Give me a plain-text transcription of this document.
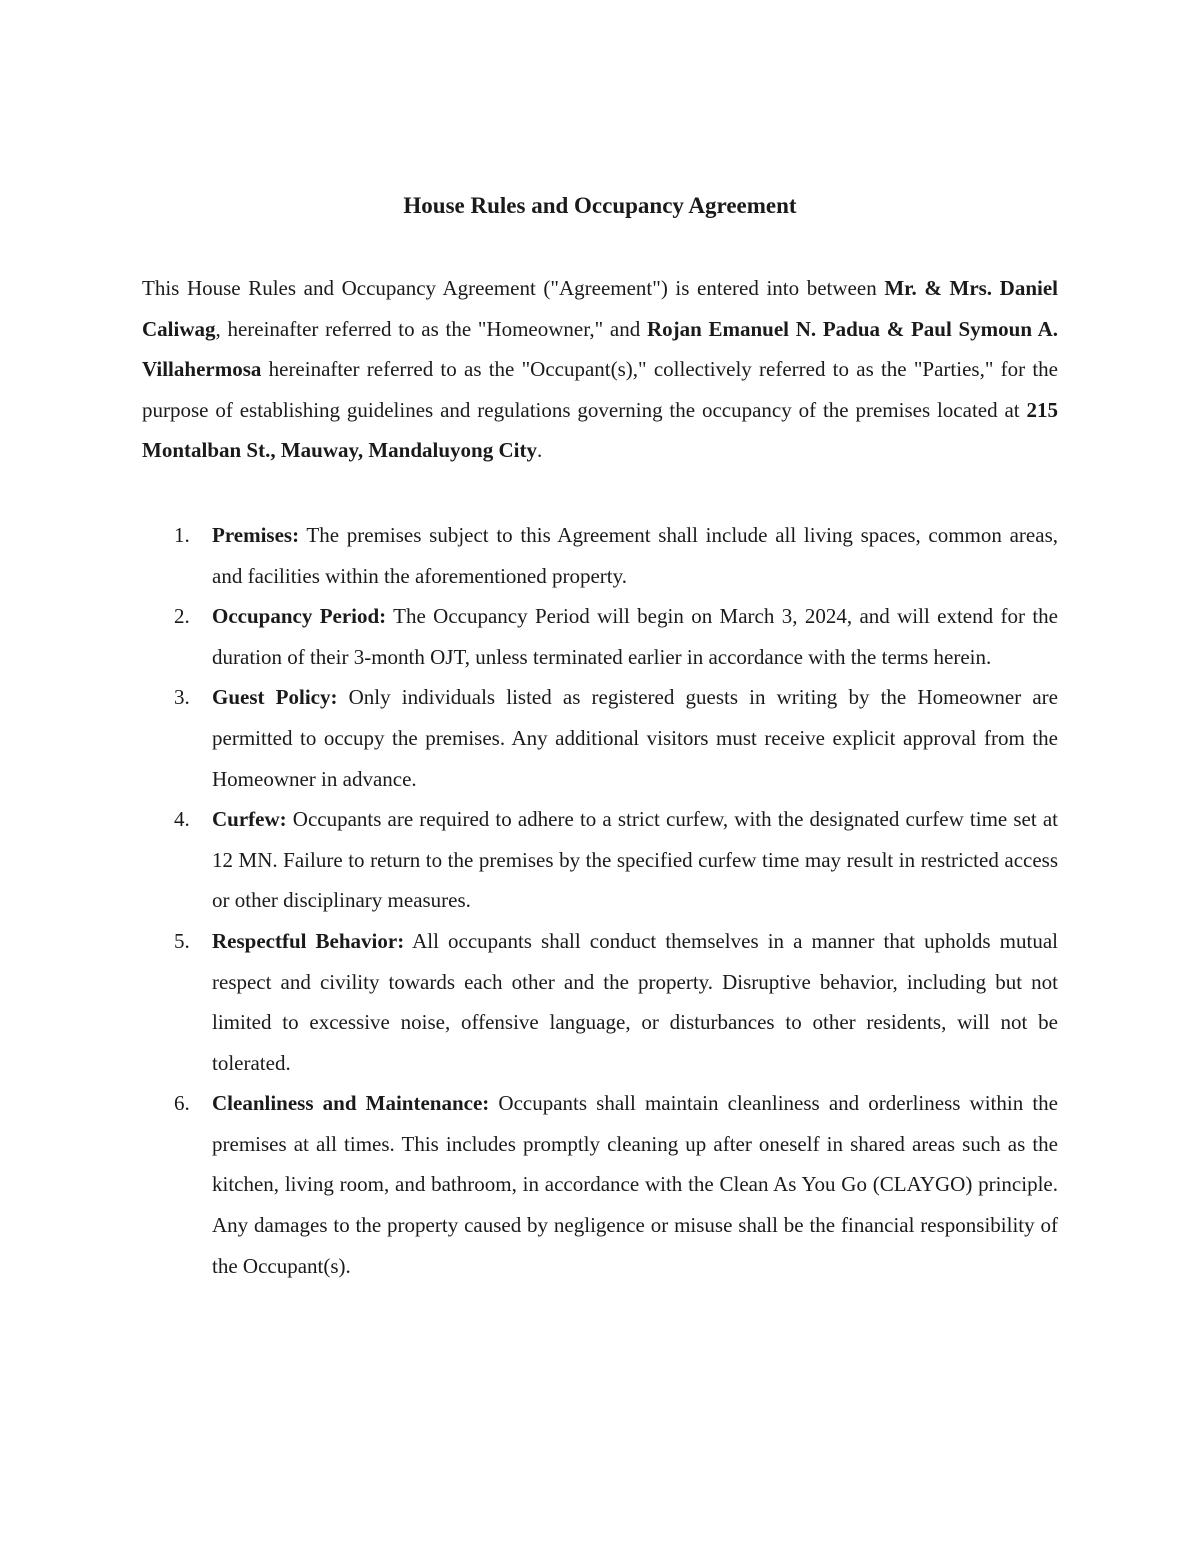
House Rules and Occupancy Agreement

This House Rules and Occupancy Agreement ("Agreement") is entered into between Mr. & Mrs. Daniel Caliwag, hereinafter referred to as the "Homeowner," and Rojan Emanuel N. Padua & Paul Symoun A. Villahermosa hereinafter referred to as the "Occupant(s)," collectively referred to as the "Parties," for the purpose of establishing guidelines and regulations governing the occupancy of the premises located at 215 Montalban St., Mauway, Mandaluyong City.

1. Premises: The premises subject to this Agreement shall include all living spaces, common areas, and facilities within the aforementioned property.
2. Occupancy Period: The Occupancy Period will begin on March 3, 2024, and will extend for the duration of their 3-month OJT, unless terminated earlier in accordance with the terms herein.
3. Guest Policy: Only individuals listed as registered guests in writing by the Homeowner are permitted to occupy the premises. Any additional visitors must receive explicit approval from the Homeowner in advance.
4. Curfew: Occupants are required to adhere to a strict curfew, with the designated curfew time set at 12 MN. Failure to return to the premises by the specified curfew time may result in restricted access or other disciplinary measures.
5. Respectful Behavior: All occupants shall conduct themselves in a manner that upholds mutual respect and civility towards each other and the property. Disruptive behavior, including but not limited to excessive noise, offensive language, or disturbances to other residents, will not be tolerated.
6. Cleanliness and Maintenance: Occupants shall maintain cleanliness and orderliness within the premises at all times. This includes promptly cleaning up after oneself in shared areas such as the kitchen, living room, and bathroom, in accordance with the Clean As You Go (CLAYGO) principle. Any damages to the property caused by negligence or misuse shall be the financial responsibility of the Occupant(s).
